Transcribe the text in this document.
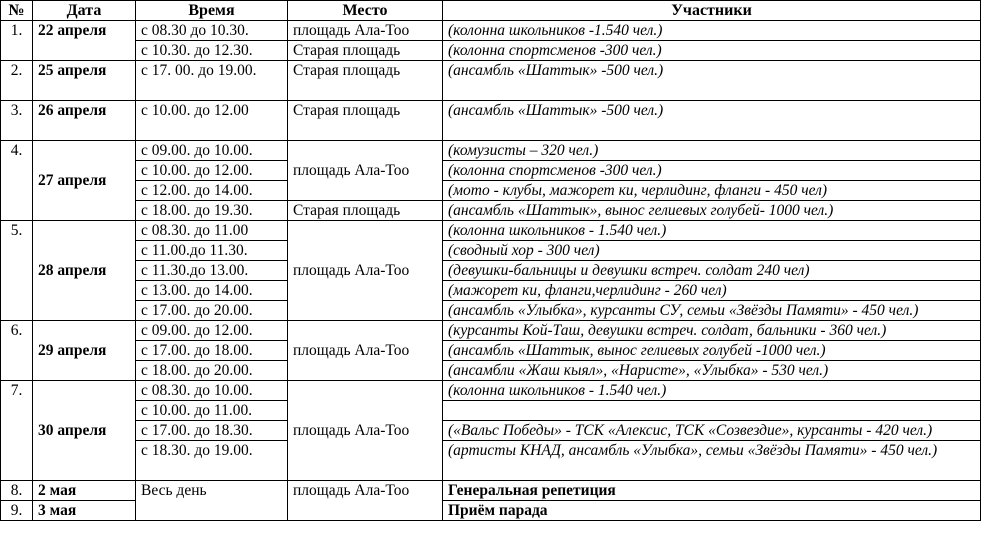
№	Дата	Время	Место	Участники
1.	22 апреля	с 08.30 до 10.30.	площадь Ала-Тоо	(колонна школьников -1.540 чел.)
		с 10.30. до 12.30.	Старая площадь	(колонна спортсменов -300 чел.)
2.	25 апреля	с 17. 00. до 19.00.	Старая площадь	(ансамбль «Шаттык» -500 чел.)
3.	26 апреля	с 10.00. до 12.00	Старая площадь	(ансамбль «Шаттык» -500 чел.)
4.	27 апреля	с 09.00. до 10.00.	площадь Ала-Тоо	(комузисты – 320 чел.)
		с 10.00. до 12.00.		(колонна спортсменов -300 чел.)
		с 12.00. до 14.00.		(мото - клубы, мажорет ки, черлидинг, фланги - 450 чел)
		с 18.00. до 19.30.	Старая площадь	(ансамбль «Шаттык», вынос гелиевых голубей- 1000 чел.)
5.	28 апреля	с 08.30. до 11.00	площадь Ала-Тоо	(колонна школьников - 1.540 чел.)
		с 11.00.до 11.30.		(сводный хор - 300 чел)
		с 11.30.до 13.00.		(девушки-бальницы и девушки встреч. солдат 240 чел)
		с 13.00. до 14.00.		(мажорет ки, фланги,черлидинг - 260 чел)
		с 17.00. до 20.00.		(ансамбль «Улыбка», курсанты СУ, семьи «Звёзды Памяти» - 450 чел.)
6.	29 апреля	с 09.00. до 12.00.	площадь Ала-Тоо	(курсанты Кой-Таш, девушки встреч. солдат, бальники - 360 чел.)
		с 17.00. до 18.00.		(ансамбль «Шаттык, вынос гелиевых голубей -1000 чел.)
		с 18.00. до 20.00.		(ансамбли «Жаш кыял», «Наристе», «Улыбка» - 530 чел.)
7.	30 апреля	с 08.30. до 10.00.	площадь Ала-Тоо	(колонна школьников - 1.540 чел.)
		с 10.00. до 11.00.		
		с 17.00. до 18.30.		(«Вальс Победы» - ТСК «Алексис, ТСК «Созвездие», курсанты - 420 чел.)
		с 18.30. до 19.00.		(артисты КНАД, ансамбль «Улыбка», семьи «Звёзды Памяти» - 450 чел.)
8.	2 мая	Весь день	площадь Ала-Тоо	Генеральная репетиция
9.	3 мая			Приём парада
